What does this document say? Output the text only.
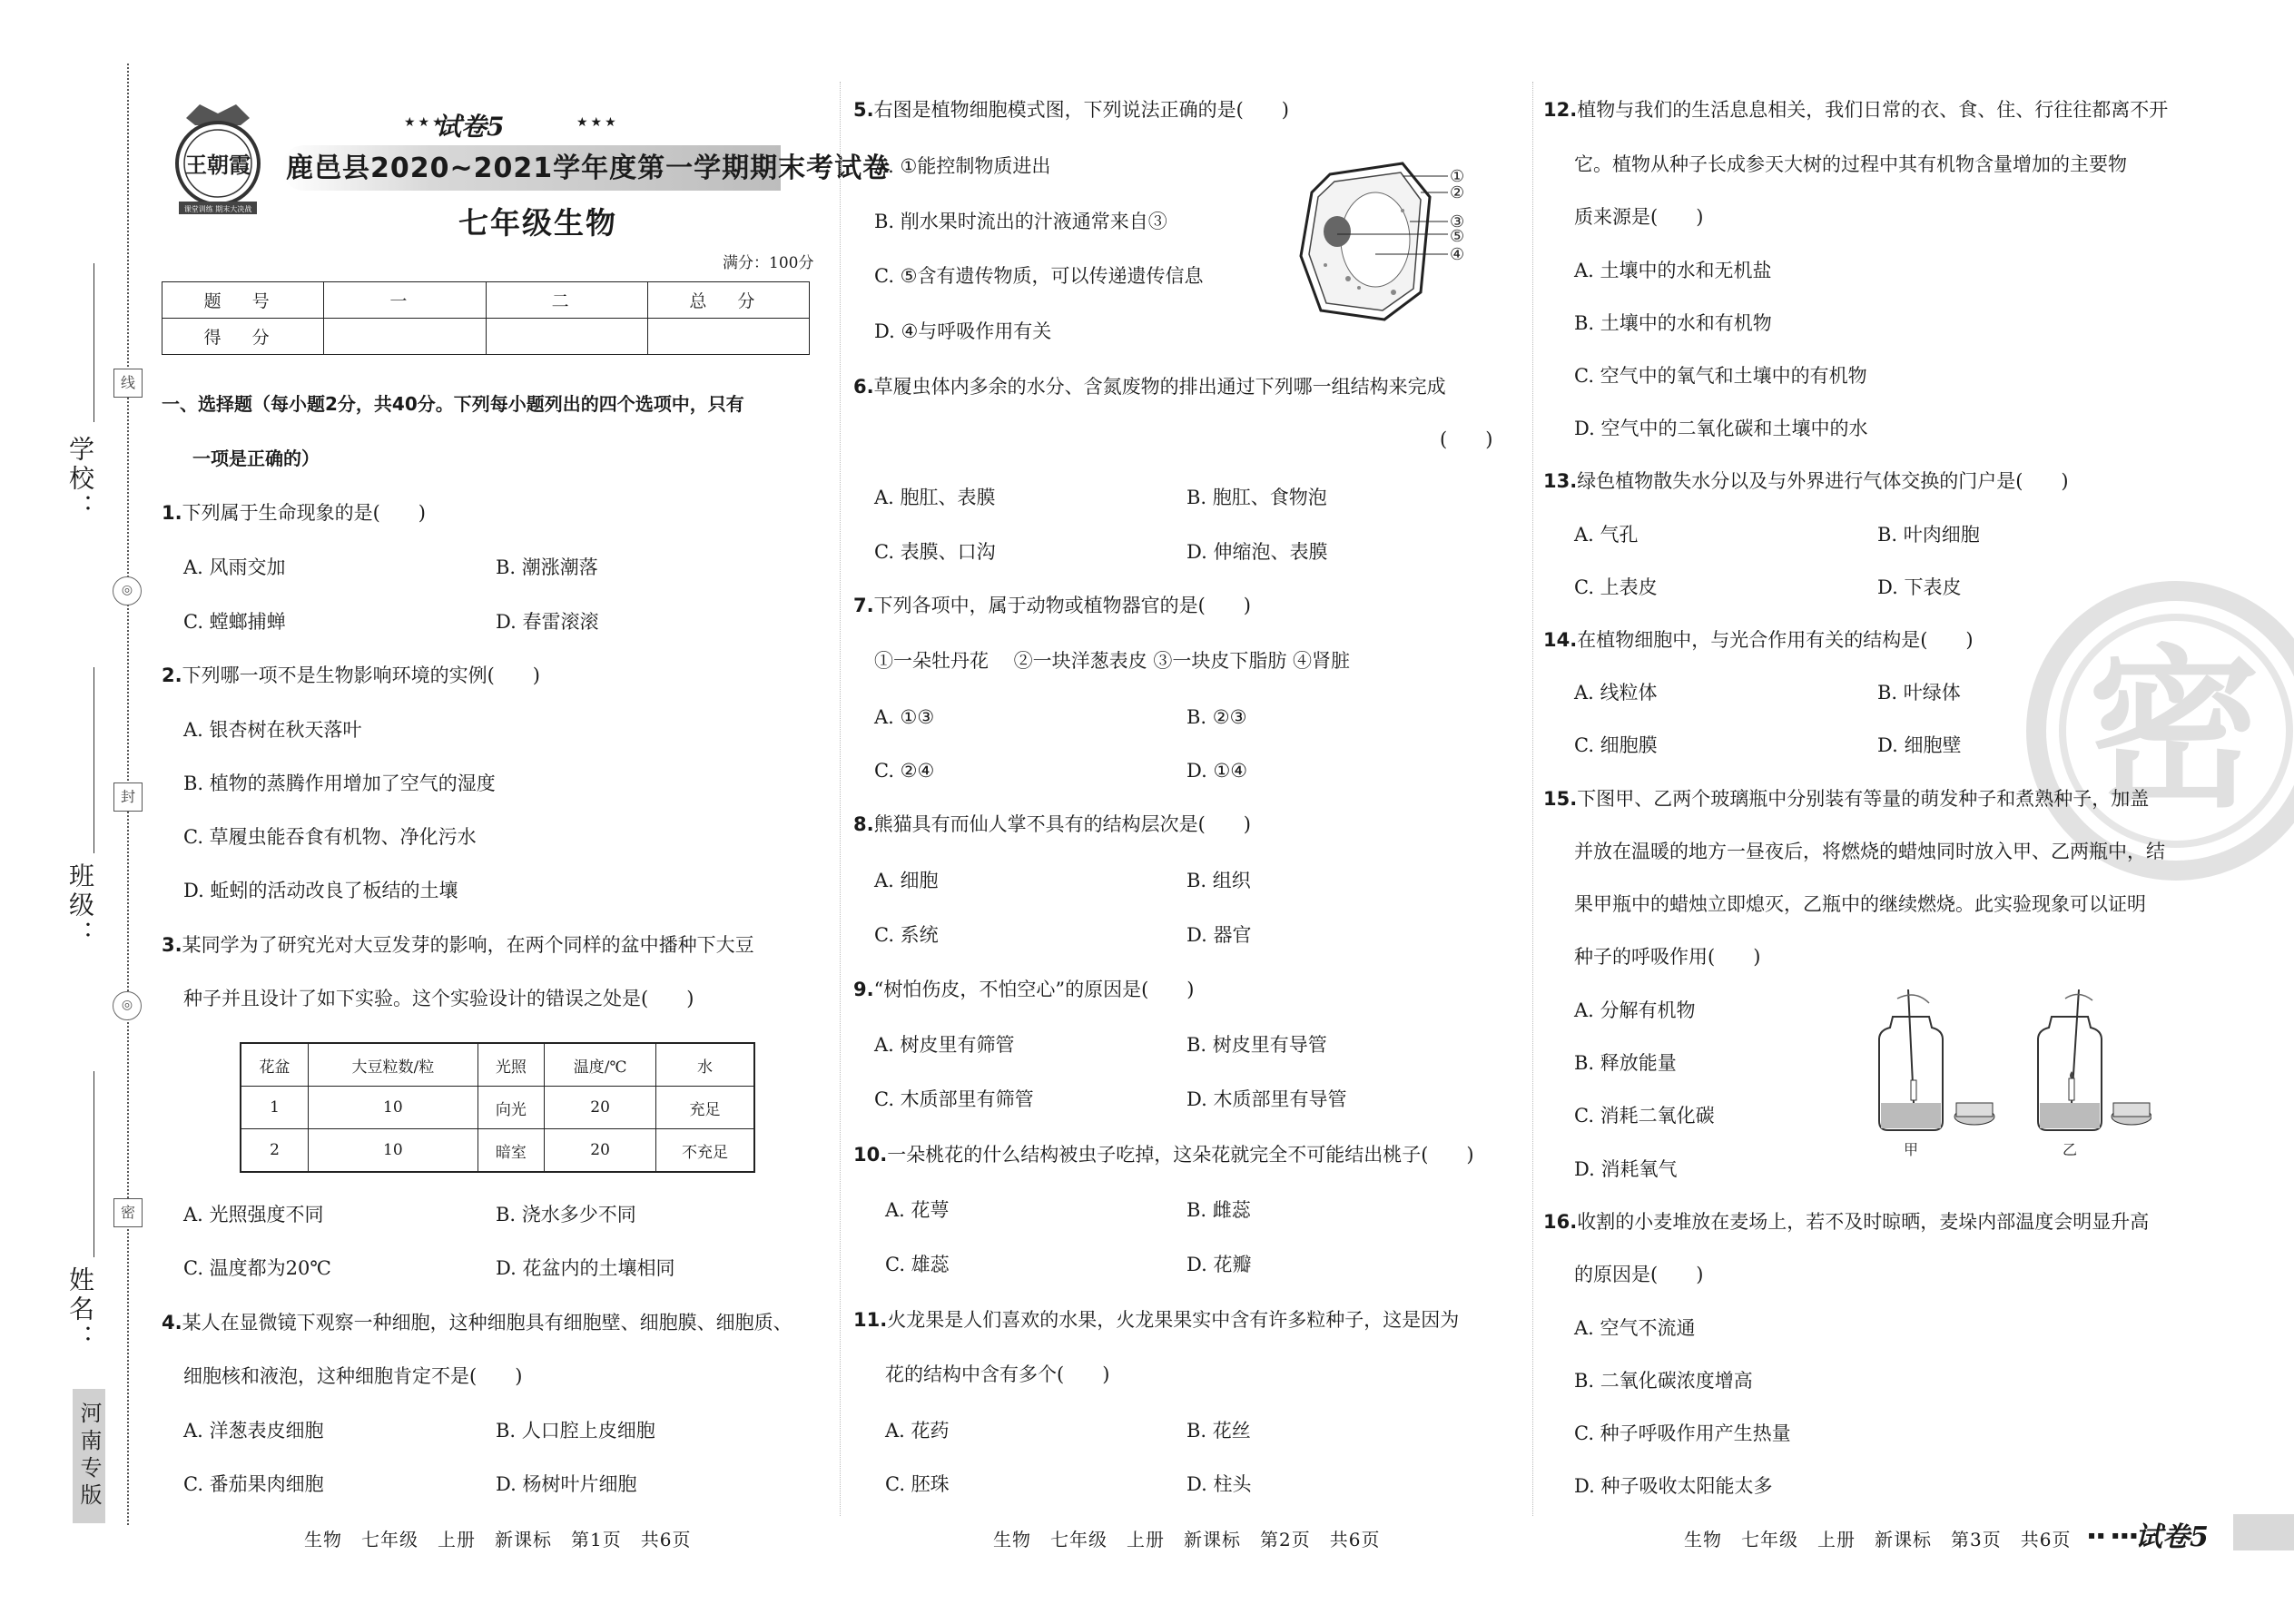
学校：
班级：
姓名：
线
◎
封
◎
密
河南专版
王朝霞
课堂训练 期末大决战
★★★
试卷5	★★★
鹿邑县2020~2021学年度第一学期期末考试卷
七年级生物
满分：100分
题 号	一	二	总 分
得 分			
一、选择题（每小题2分，共40分。下列每小题列出的四个选项中，只有
一项是正确的）
1.下列属于生命现象的是(　　)
A. 风雨交加	B. 潮涨潮落
C. 螳螂捕蝉	D. 春雷滚滚
2.下列哪一项不是生物影响环境的实例(　　)
A. 银杏树在秋天落叶
B. 植物的蒸腾作用增加了空气的湿度
C. 草履虫能吞食有机物、净化污水
D. 蚯蚓的活动改良了板结的土壤
3.某同学为了研究光对大豆发芽的影响，在两个同样的盆中播种下大豆
种子并且设计了如下实验。这个实验设计的错误之处是(　　)
花盆	大豆粒数/粒	光照	温度/℃	水
1	10	向光	20	充足
2	10	暗室	20	不充足
A. 光照强度不同	B. 浇水多少不同
C. 温度都为20℃	D. 花盆内的土壤相同
4.某人在显微镜下观察一种细胞，这种细胞具有细胞壁、细胞膜、细胞质、
细胞核和液泡，这种细胞肯定不是(　　)
A. 洋葱表皮细胞	B. 人口腔上皮细胞
C. 番茄果肉细胞	D. 杨树叶片细胞
生物　七年级　上册　新课标　第1页　共6页
5.右图是植物细胞模式图，下列说法正确的是(　　)
A. ①能控制物质进出
B. 削水果时流出的汁液通常来自③
C. ⑤含有遗传物质，可以传递遗传信息
D. ④与呼吸作用有关
①
②
③
⑤
④
6.草履虫体内多余的水分、含氮废物的排出通过下列哪一组结构来完成
(　　)
A. 胞肛、表膜	B. 胞肛、食物泡
C. 表膜、口沟	D. 伸缩泡、表膜
7.下列各项中，属于动物或植物器官的是(　　)
①一朵牡丹花　 ②一块洋葱表皮 ③一块皮下脂肪 ④肾脏
A. ①③	B. ②③
C. ②④	D. ①④
8.熊猫具有而仙人掌不具有的结构层次是(　　)
A. 细胞	B. 组织
C. 系统	D. 器官
9.“树怕伤皮，不怕空心”的原因是(　　)
A. 树皮里有筛管	B. 树皮里有导管
C. 木质部里有筛管	D. 木质部里有导管
10.一朵桃花的什么结构被虫子吃掉，这朵花就完全不可能结出桃子(　　)
A. 花萼	B. 雌蕊
C. 雄蕊	D. 花瓣
11.火龙果是人们喜欢的水果，火龙果果实中含有许多粒种子，这是因为
花的结构中含有多个(　　)
A. 花药	B. 花丝
C. 胚珠	D. 柱头
生物　七年级　上册　新课标　第2页　共6页
密
12.植物与我们的生活息息相关，我们日常的衣、食、住、行往往都离不开
它。植物从种子长成参天大树的过程中其有机物含量增加的主要物
质来源是(　　)
A. 土壤中的水和无机盐
B. 土壤中的水和有机物
C. 空气中的氧气和土壤中的有机物
D. 空气中的二氧化碳和土壤中的水
13.绿色植物散失水分以及与外界进行气体交换的门户是(　　)
A. 气孔	B. 叶肉细胞
C. 上表皮	D. 下表皮
14.在植物细胞中，与光合作用有关的结构是(　　)
A. 线粒体	B. 叶绿体
C. 细胞膜	D. 细胞壁
15.下图甲、乙两个玻璃瓶中分别装有等量的萌发种子和煮熟种子，加盖
并放在温暖的地方一昼夜后，将燃烧的蜡烛同时放入甲、乙两瓶中，结
果甲瓶中的蜡烛立即熄灭，乙瓶中的继续燃烧。此实验现象可以证明
种子的呼吸作用(　　)
A. 分解有机物
B. 释放能量
C. 消耗二氧化碳
D. 消耗氧气
甲	乙
16.收割的小麦堆放在麦场上，若不及时晾晒，麦垛内部温度会明显升高
的原因是(　　)
A. 空气不流通
B. 二氧化碳浓度增高
C. 种子呼吸作用产生热量
D. 种子吸收太阳能太多
生物　七年级　上册　新课标　第3页　共6页 ▪▪ ▪▪▪
试卷5
